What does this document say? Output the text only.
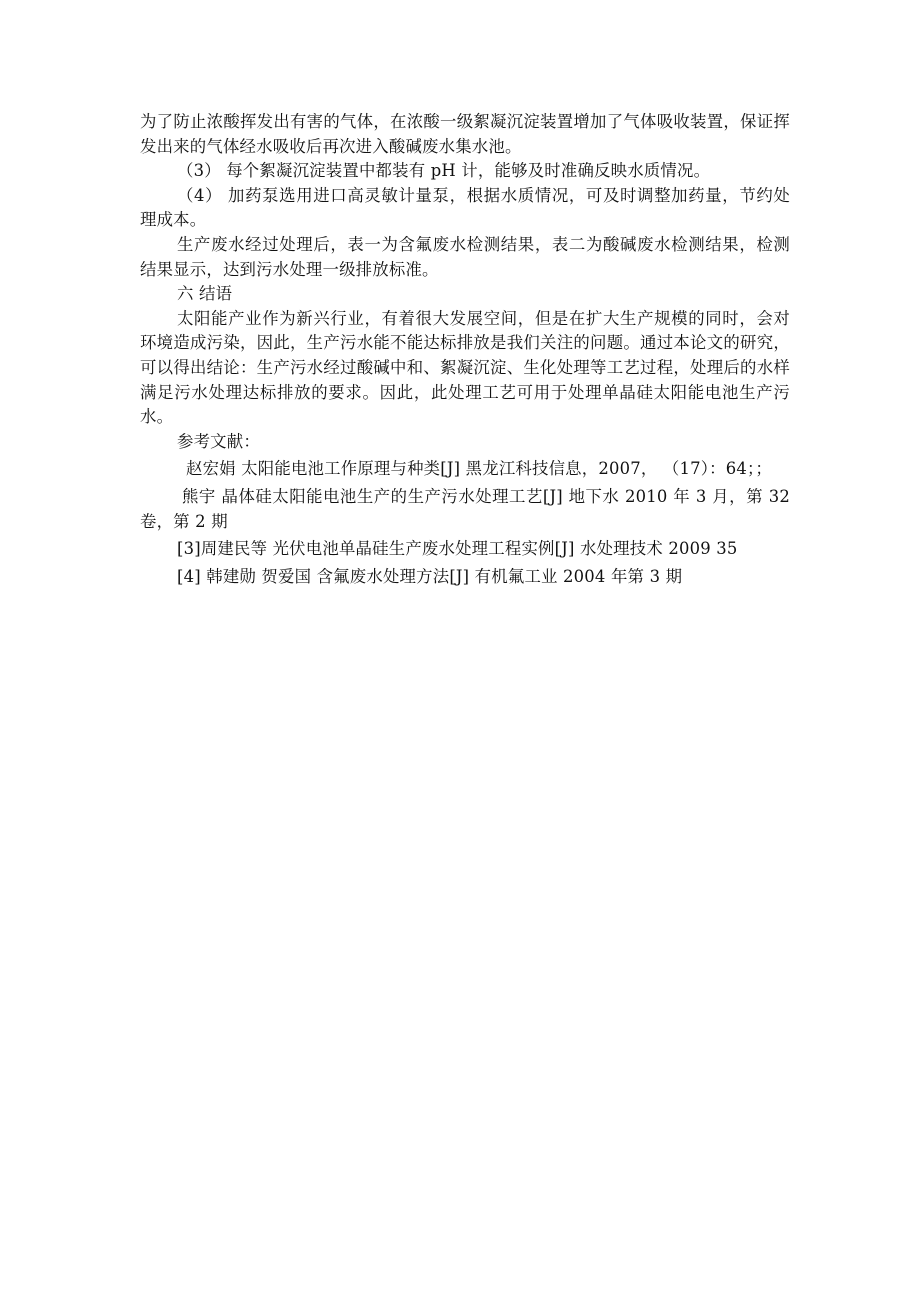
为了防止浓酸挥发出有害的气体，在浓酸一级絮凝沉淀装置增加了气体吸收装置，保证挥发出来的气体经水吸收后再次进入酸碱废水集水池。

（3） 每个絮凝沉淀装置中都装有 pH 计，能够及时准确反映水质情况。

（4） 加药泵选用进口高灵敏计量泵，根据水质情况，可及时调整加药量，节约处理成本。

生产废水经过处理后，表一为含氟废水检测结果，表二为酸碱废水检测结果，检测结果显示，达到污水处理一级排放标准。

六 结语

太阳能产业作为新兴行业，有着很大发展空间，但是在扩大生产规模的同时，会对环境造成污染，因此，生产污水能不能达标排放是我们关注的问题。通过本论文的研究，可以得出结论：生产污水经过酸碱中和、絮凝沉淀、生化处理等工艺过程，处理后的水样满足污水处理达标排放的要求。因此，此处理工艺可用于处理单晶硅太阳能电池生产污水。

参考文献：

赵宏娟 太阳能电池工作原理与种类[J] 黑龙江科技信息，2007， （17）：64；；

熊宇 晶体硅太阳能电池生产的生产污水处理工艺[J] 地下水 2010 年 3 月，第 32 卷，第 2 期

[3]周建民等 光伏电池单晶硅生产废水处理工程实例[J] 水处理技术 2009 35

[4] 韩建勋 贺爱国 含氟废水处理方法[J] 有机氟工业 2004 年第 3 期
